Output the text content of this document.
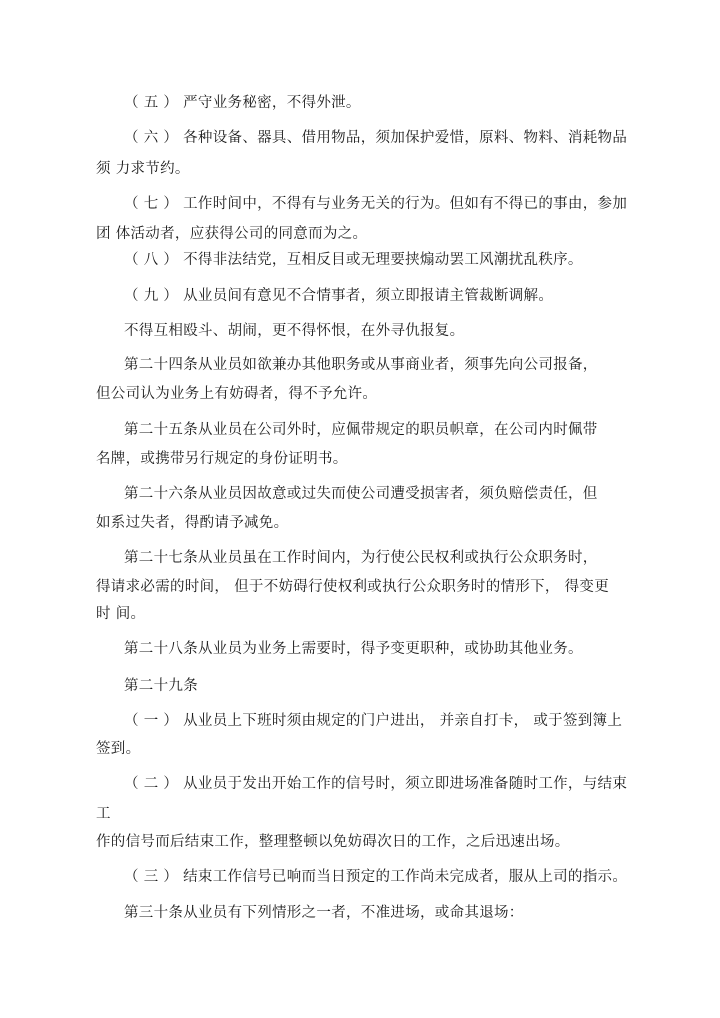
（ 五 ） 严守业务秘密，不得外泄。

（ 六 ） 各种设备、器具、借用物品，须加保护爱惜，原料、物料、消耗物品

须 力求节约。

（ 七 ） 工作时间中，不得有与业务无关的行为。但如有不得已的事由，参加

团 体活动者，应获得公司的同意而为之。

（ 八 ） 不得非法结党，互相反目或无理要挟煽动罢工风潮扰乱秩序。

（ 九 ） 从业员间有意见不合情事者，须立即报请主管裁断调解。

不得互相殴斗、胡闹，更不得怀恨，在外寻仇报复。

第二十四条从业员如欲兼办其他职务或从事商业者，须事先向公司报备，

但公司认为业务上有妨碍者，得不予允许。

第二十五条从业员在公司外时，应佩带规定的职员帜章，在公司内时佩带

名牌，或携带另行规定的身份证明书。

第二十六条从业员因故意或过失而使公司遭受损害者，须负赔偿责任，但

如系过失者，得酌请予减免。

第二十七条从业员虽在工作时间内，为行使公民权利或执行公众职务时，

得请求必需的时间， 但于不妨碍行使权利或执行公众职务时的情形下， 得变更

时 间。

第二十八条从业员为业务上需要时，得予变更职种，或协助其他业务。

第二十九条

（ 一 ） 从业员上下班时须由规定的门户进出， 并亲自打卡， 或于签到簿上

签到。

（ 二 ） 从业员于发出开始工作的信号时，须立即进场准备随时工作，与结束

工

作的信号而后结束工作，整理整顿以免妨碍次日的工作，之后迅速出场。

（ 三 ） 结束工作信号已响而当日预定的工作尚未完成者，服从上司的指示。

第三十条从业员有下列情形之一者，不准进场，或命其退场：
